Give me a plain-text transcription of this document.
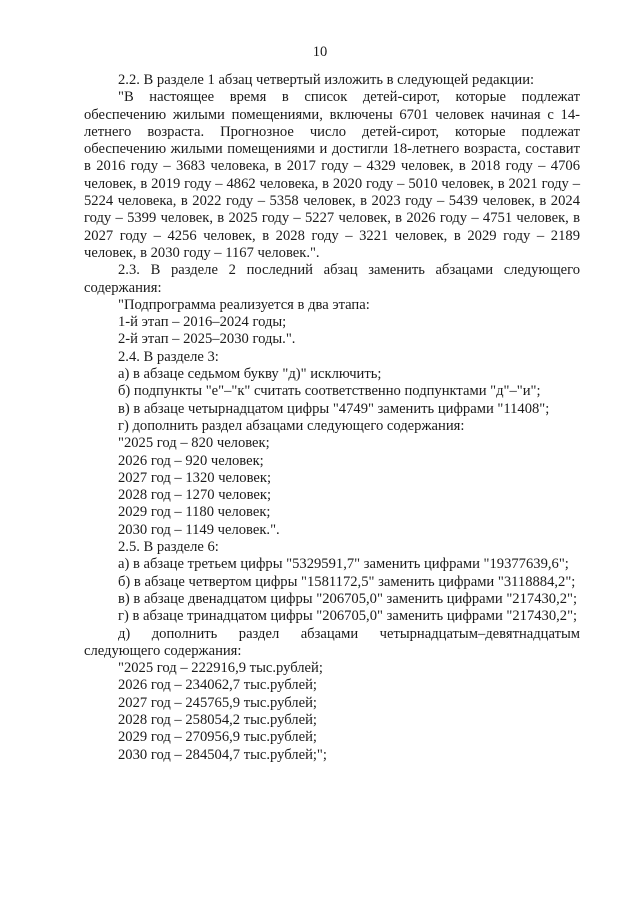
10

2.2. В разделе 1 абзац четвертый изложить в следующей редакции:

"В настоящее время в список детей-сирот, которые подлежат обеспечению жилыми помещениями, включены 6701 человек начиная с 14-летнего возраста. Прогнозное число детей-сирот, которые подлежат обеспечению жилыми помещениями и достигли 18-летнего возраста, составит в 2016 году – 3683 человека, в 2017 году – 4329 человек, в 2018 году – 4706 человек, в 2019 году – 4862 человека, в 2020 году – 5010 человек, в 2021 году – 5224 человека, в 2022 году – 5358 человек, в 2023 году – 5439 человек, в 2024 году – 5399 человек, в 2025 году – 5227 человек, в 2026 году – 4751 человек, в 2027 году – 4256 человек, в 2028 году – 3221 человек, в 2029 году – 2189 человек, в 2030 году – 1167 человек.".

2.3. В разделе 2 последний абзац заменить абзацами следующего содержания:

"Подпрограмма реализуется в два этапа:

1-й этап – 2016–2024 годы;

2-й этап – 2025–2030 годы.".

2.4. В разделе 3:

а) в абзаце седьмом букву "д)" исключить;

б) подпункты "е"–"к" считать соответственно подпунктами "д"–"и";

в) в абзаце четырнадцатом цифры "4749" заменить цифрами "11408";

г) дополнить раздел абзацами следующего содержания:

"2025 год – 820 человек;

2026 год – 920 человек;

2027 год – 1320 человек;

2028 год – 1270 человек;

2029 год – 1180 человек;

2030 год – 1149 человек.".

2.5. В разделе 6:

а) в абзаце третьем цифры "5329591,7" заменить цифрами "19377639,6";

б) в абзаце четвертом цифры "1581172,5" заменить цифрами "3118884,2";

в) в абзаце двенадцатом цифры "206705,0" заменить цифрами "217430,2";

г) в абзаце тринадцатом цифры "206705,0" заменить цифрами "217430,2";

д) дополнить раздел абзацами четырнадцатым–девятнадцатым следующего содержания:

"2025 год – 222916,9 тыс.рублей;

2026 год – 234062,7 тыс.рублей;

2027 год – 245765,9 тыс.рублей;

2028 год – 258054,2 тыс.рублей;

2029 год – 270956,9 тыс.рублей;

2030 год – 284504,7 тыс.рублей;";
